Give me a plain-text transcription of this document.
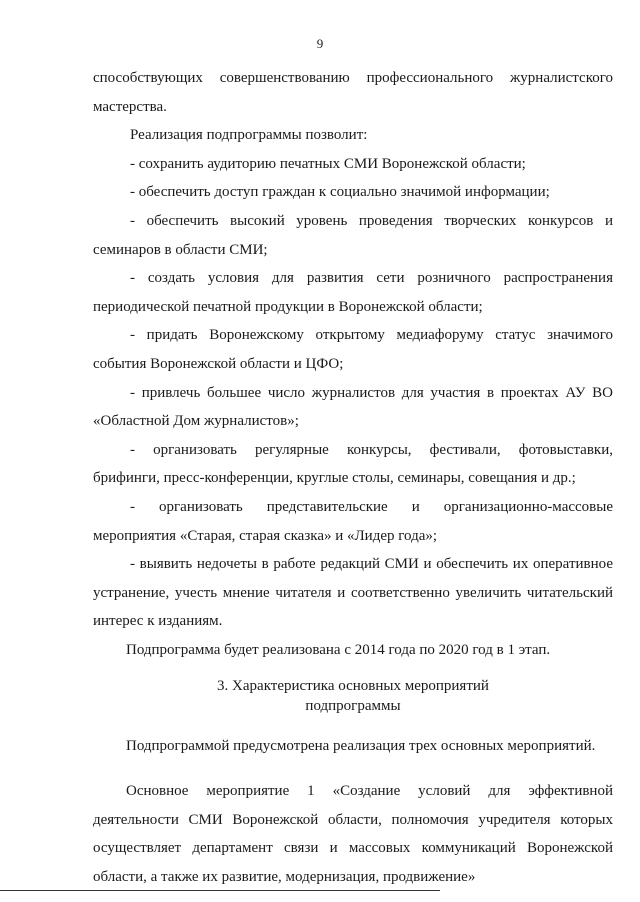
9
способствующих совершенствованию профессионального журналистского
мастерства.
Реализация подпрограммы позволит:
- сохранить аудиторию печатных СМИ Воронежской области;
- обеспечить доступ граждан к социально значимой информации;
- обеспечить высокий уровень проведения творческих конкурсов и
семинаров в области СМИ;
- создать условия для развития сети розничного распространения
периодической печатной продукции в Воронежской области;
- придать Воронежскому открытому медиафоруму статус значимого
события Воронежской области и ЦФО;
- привлечь большее число журналистов для участия в проектах АУ ВО
«Областной Дом журналистов»;
- организовать регулярные конкурсы, фестивали, фотовыставки,
брифинги, пресс-конференции, круглые столы, семинары, совещания и др.;
- организовать представительские и организационно-массовые
мероприятия «Старая, старая сказка» и «Лидер года»;
- выявить недочеты в работе редакций СМИ и обеспечить их оперативное
устранение, учесть мнение читателя и соответственно увеличить читательский
интерес к изданиям.
Подпрограмма будет реализована с 2014 года по 2020 год в 1 этап.
3. Характеристика основных мероприятий
подпрограммы
Подпрограммой предусмотрена реализация трех основных мероприятий.
Основное мероприятие 1 «Создание условий для эффективной
деятельности СМИ Воронежской области, полномочия учредителя которых
осуществляет департамент связи и массовых коммуникаций Воронежской
области, а также их развитие, модернизация, продвижение»
